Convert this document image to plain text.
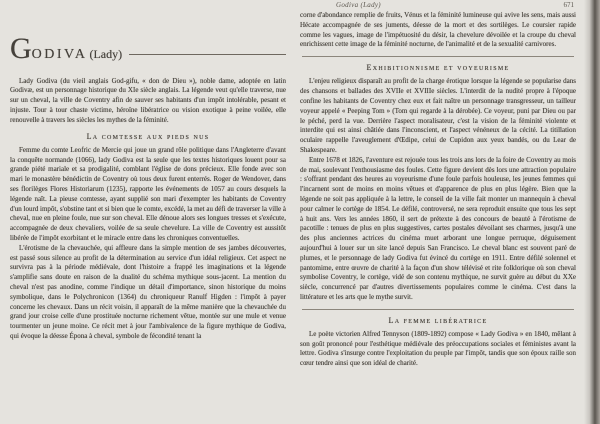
Godiva (Lady)	671
G ODIVA (Lady)

Lady Godiva (du vieil anglais God-gifu, « don de Dieu »), noble dame, adoptée en latin Godivæ, est un personnage historique du XIe siècle anglais. La légende veut qu'elle traverse, nue sur un cheval, la ville de Coventry afin de sauver ses habitants d'un impôt intolérable, pesant et injuste. Tour à tour chaste victime, héroïne libératrice ou vision exotique à peine voilée, elle renouvelle à travers les siècles les mythes de la féminité.

La comtesse aux pieds nus

Femme du comte Leofric de Mercie qui joue un grand rôle politique dans l'Angleterre d'avant la conquête normande (1066), lady Godiva est la seule que les textes historiques louent pour sa grande piété mariale et sa prodigalité, comblant l'église de dons précieux. Elle fonde avec son mari le monastère bénédictin de Coventry où tous deux furent enterrés. Roger de Wendover, dans ses florilèges Flores Historiarum (1235), rapporte les événements de 1057 au cours desquels la légende naît. La pieuse comtesse, ayant supplié son mari d'exempter les habitants de Coventry d'un lourd impôt, s'obstine tant et si bien que le comte, excédé, la met au défi de traverser la ville à cheval, nue en pleine foule, nue sur son cheval. Elle dénoue alors ses longues tresses et s'exécute, accompagnée de deux chevaliers, voilée de sa seule chevelure. La ville de Coventry est aussitôt libérée de l'impôt exorbitant et le miracle entre dans les chroniques conventuelles.

L'érotisme de la chevauchée, qui affleure dans la simple mention de ses jambes découvertes, est passé sous silence au profit de la détermination au service d'un idéal religieux. Cet aspect ne survivra pas à la période médiévale, dont l'histoire a frappé les imaginations et la légende s'amplifie sans doute en raison de la dualité du schéma mythique sous-jacent. La mention du cheval n'est pas anodine, comme l'indique un détail d'importance, sinon historique du moins symbolique, dans le Polychronicon (1364) du chroniqueur Ranulf Higden : l'impôt à payer concerne les chevaux. Dans un récit voisin, il apparaît de la même manière que la chevauchée du grand jour croise celle d'une prostituée nocturne richement vêtue, montée sur une mule et venue tourmenter un jeune moine. Ce récit met à jour l'ambivalence de la figure mythique de Godiva, qui évoque la déesse Épona à cheval, symbole de fécondité tenant la

corne d'abondance remplie de fruits, Vénus et la féminité lumineuse qui avive les sens, mais aussi Hécate accompagnée de ses juments, déesse de la mort et des sortilèges. Le coursier rapide comme les vagues, image de l'impétuosité du désir, la chevelure dévoilée et la croupe du cheval enrichissent cette image de la féminité nocturne, de l'animalité et de la sexualité carnivores.

Exhibitionnisme et voyeurisme

L'enjeu religieux disparaît au profit de la charge érotique lorsque la légende se popularise dans des chansons et ballades des XVIIe et XVIIIe siècles. L'interdit de la nudité propre à l'époque confine les habitants de Coventry chez eux et fait naître un personnage transgresseur, un tailleur voyeur appelé « Peeping Tom » (Tom qui regarde à la dérobée). Ce voyeur, puni par Dieu ou par le péché, perd la vue. Derrière l'aspect moralisateur, c'est la vision de la féminité violente et interdite qui est ainsi châtiée dans l'inconscient, et l'aspect vénéneux de la cécité. La titillation oculaire rappelle l'aveuglement d'Œdipe, celui de Cupidon aux yeux bandés, ou du Lear de Shakespeare.

Entre 1678 et 1826, l'aventure est rejouée tous les trois ans lors de la foire de Coventry au mois de mai, soulevant l'enthousiasme des foules. Cette figure devient dès lors une attraction populaire : s'offrant pendant des heures au voyeurisme d'une foule parfois houleuse, les jeunes femmes qui l'incarnent sont de moins en moins vêtues et d'apparence de plus en plus légère. Bien que la légende ne soit pas appliquée à la lettre, le conseil de la ville fait monter un mannequin à cheval pour calmer le cortège de 1854. Le défilé, controversé, ne sera reproduit ensuite que tous les sept à huit ans. Vers les années 1860, il sert de prétexte à des concours de beauté à l'érotisme de pacotille : tenues de plus en plus suggestives, cartes postales dévoilant ses charmes, jusqu'à une des plus anciennes actrices du cinéma muet arborant une longue perruque, déguisement aujourd'hui à louer sur un site lancé depuis San Francisco. Le cheval blanc est souvent paré de plumes, et le personnage de lady Godiva fut évincé du cortège en 1911. Entre défilé solennel et pantomime, entre œuvre de charité à la façon d'un show télévisé et rite folklorique où son cheval symbolise Coventry, le cortège, vidé de son contenu mythique, ne survit guère au début du XXe siècle, concurrencé par d'autres divertissements populaires comme le cinéma. C'est dans la littérature et les arts que le mythe survit.

La femme libératrice

Le poète victorien Alfred Tennyson (1809-1892) compose « Lady Godiva » en 1840, mêlant à son goût prononcé pour l'esthétique médiévale des préoccupations sociales et féministes avant la lettre. Godiva s'insurge contre l'exploitation du peuple par l'impôt, tandis que son époux raille son cœur tendre ainsi que son idéal de charité.
